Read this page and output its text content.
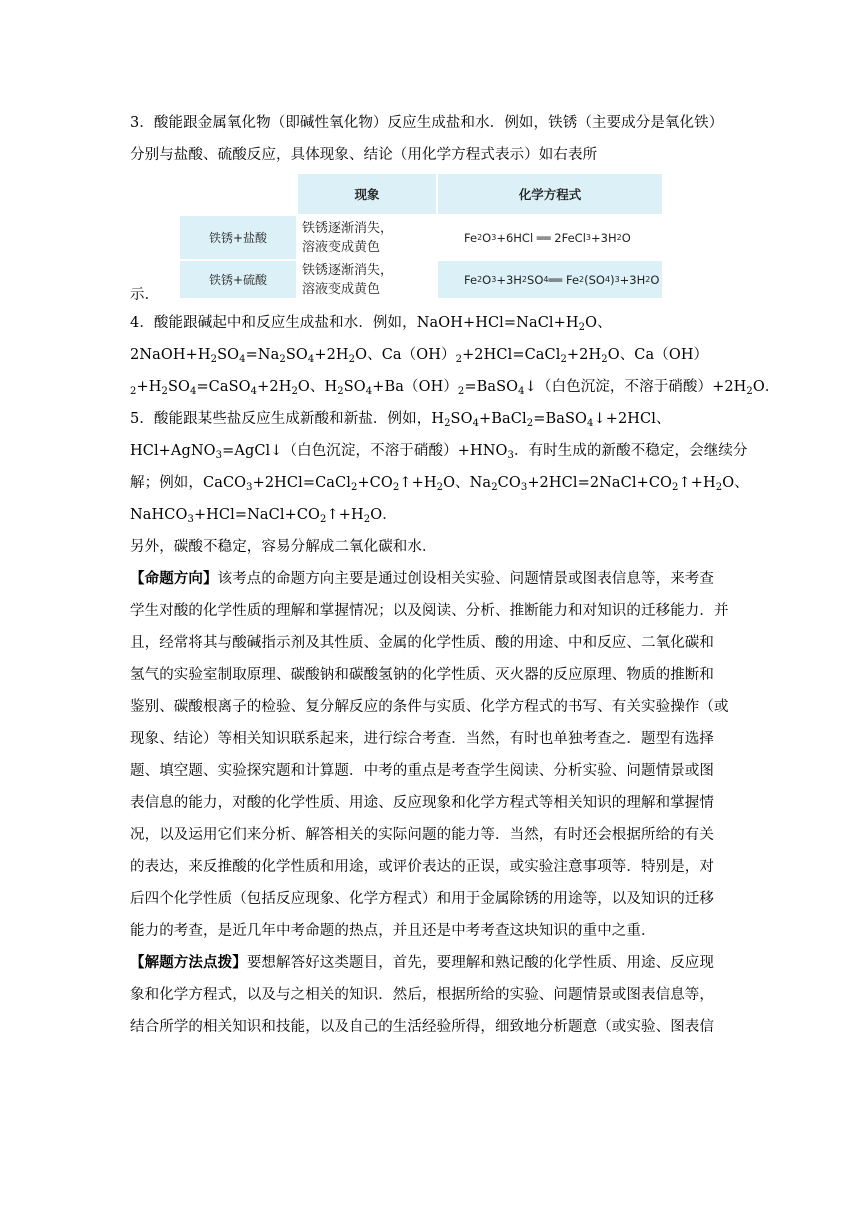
3．酸能跟金属氧化物（即碱性氧化物）反应生成盐和水．例如，铁锈（主要成分是氧化铁）
分别与盐酸、硫酸反应，具体现象、结论（用化学方程式表示）如右表所
现象	化学方程式
铁锈+盐酸
铁锈逐渐消失，
溶液变成黄色
Fe 2 O 3 +6HCl ══ 2FeCl 3 +3H 2 O
铁锈+硫酸
铁锈逐渐消失，
溶液变成黄色
Fe 2 O 3 +3H 2 SO 4 ══ Fe 2 (SO 4 ) 3 +3H 2 O
示．
4．酸能跟碱起中和反应生成盐和水．例如，$NaOH+HCl=NaCl+H_2O$、
$2NaOH+H_2SO_4=Na_2SO_4+2H_2O$、$Ca(OH)_2+2HCl=CaCl_2+2H_2O$、Ca（OH）
$_2+H_2SO_4=CaSO_4+2H_2O$、$H_2SO_4+Ba(OH)_2=BaSO_4↓$（白色沉淀，不溶于硝酸）$+2H_2O$．
5．酸能跟某些盐反应生成新酸和新盐．例如，$H_2SO_4+BaCl_2=BaSO_4↓+2HCl$、
HCl+AgNO$_3$=AgCl↓（白色沉淀，不溶于硝酸）$+HNO_3$．有时生成的新酸不稳定，会继续分
解；例如，$CaCO_3+2HCl=CaCl_2+CO_2↑+H_2O$、$Na_2CO_3+2HCl=2NaCl+CO_2↑+H_2O$、
$NaHCO_3+HCl=NaCl+CO_2↑+H_2O$．
另外，碳酸不稳定，容易分解成二氧化碳和水．
【命题方向】该考点的命题方向主要是通过创设相关实验、问题情景或图表信息等，来考查
学生对酸的化学性质的理解和掌握情况；以及阅读、分析、推断能力和对知识的迁移能力．并
且，经常将其与酸碱指示剂及其性质、金属的化学性质、酸的用途、中和反应、二氧化碳和
氢气的实验室制取原理、碳酸钠和碳酸氢钠的化学性质、灭火器的反应原理、物质的推断和
鉴别、碳酸根离子的检验、复分解反应的条件与实质、化学方程式的书写、有关实验操作（或
现象、结论）等相关知识联系起来，进行综合考查．当然，有时也单独考查之．题型有选择
题、填空题、实验探究题和计算题．中考的重点是考查学生阅读、分析实验、问题情景或图
表信息的能力，对酸的化学性质、用途、反应现象和化学方程式等相关知识的理解和掌握情
况，以及运用它们来分析、解答相关的实际问题的能力等．当然，有时还会根据所给的有关
的表达，来反推酸的化学性质和用途，或评价表达的正误，或实验注意事项等．特别是，对
后四个化学性质（包括反应现象、化学方程式）和用于金属除锈的用途等，以及知识的迁移
能力的考查，是近几年中考命题的热点，并且还是中考考查这块知识的重中之重．
【解题方法点拨】要想解答好这类题目，首先，要理解和熟记酸的化学性质、用途、反应现
象和化学方程式，以及与之相关的知识．然后，根据所给的实验、问题情景或图表信息等，
结合所学的相关知识和技能，以及自己的生活经验所得，细致地分析题意（或实验、图表信
